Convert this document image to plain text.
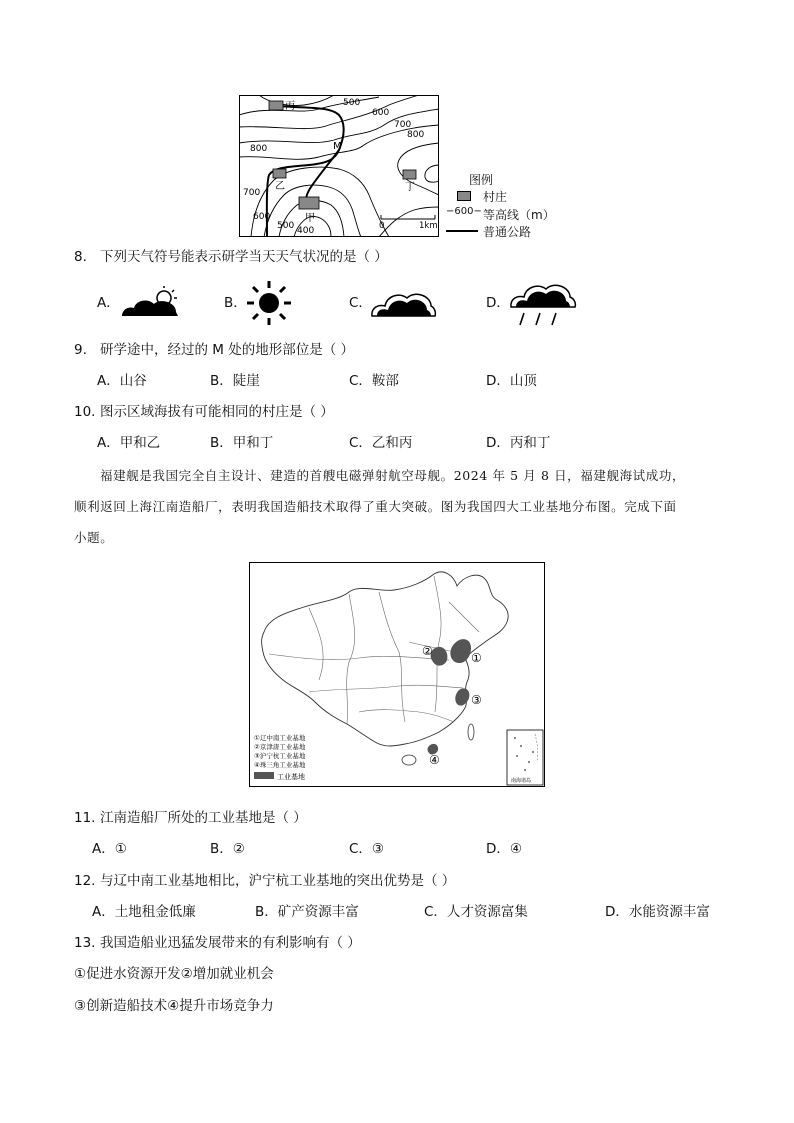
丙
乙
甲
丁
M
500
600
700
800
800
700
600
500 400	0	1km
图例
村庄
−600− 等高线（m）
普通公路
8. 下列天气符号能表示研学当天天气状况的是（ ）
A．	B．	C．	D．
9. 研学途中，经过的 M 处的地形部位是（ ）
A．山谷	B．陡崖	C．鞍部	D．山顶
10. 图示区域海拔有可能相同的村庄是（ ）
A．甲和乙	B．甲和丁	C．乙和丙	D．丙和丁

福建舰是我国完全自主设计、建造的首艘电磁弹射航空母舰。2024 年 5 月 8 日，福建舰海试成功，

顺利返回上海江南造船厂，表明我国造船技术取得了重大突破。图为我国四大工业基地分布图。完成下面

小题。

①
②
③
④
①辽中南工业基地
②京津唐工业基地
③沪宁杭工业基地
④珠三角工业基地
工业基地	南海诸岛
11. 江南造船厂所处的工业基地是（ ）
A．①	B．②	C．③	D．④
12. 与辽中南工业基地相比，沪宁杭工业基地的突出优势是（ ）
A．土地租金低廉	B．矿产资源丰富	C．人才资源富集	D．水能资源丰富
13. 我国造船业迅猛发展带来的有利影响有（ ）
①促进水资源开发②增加就业机会
③创新造船技术④提升市场竞争力
